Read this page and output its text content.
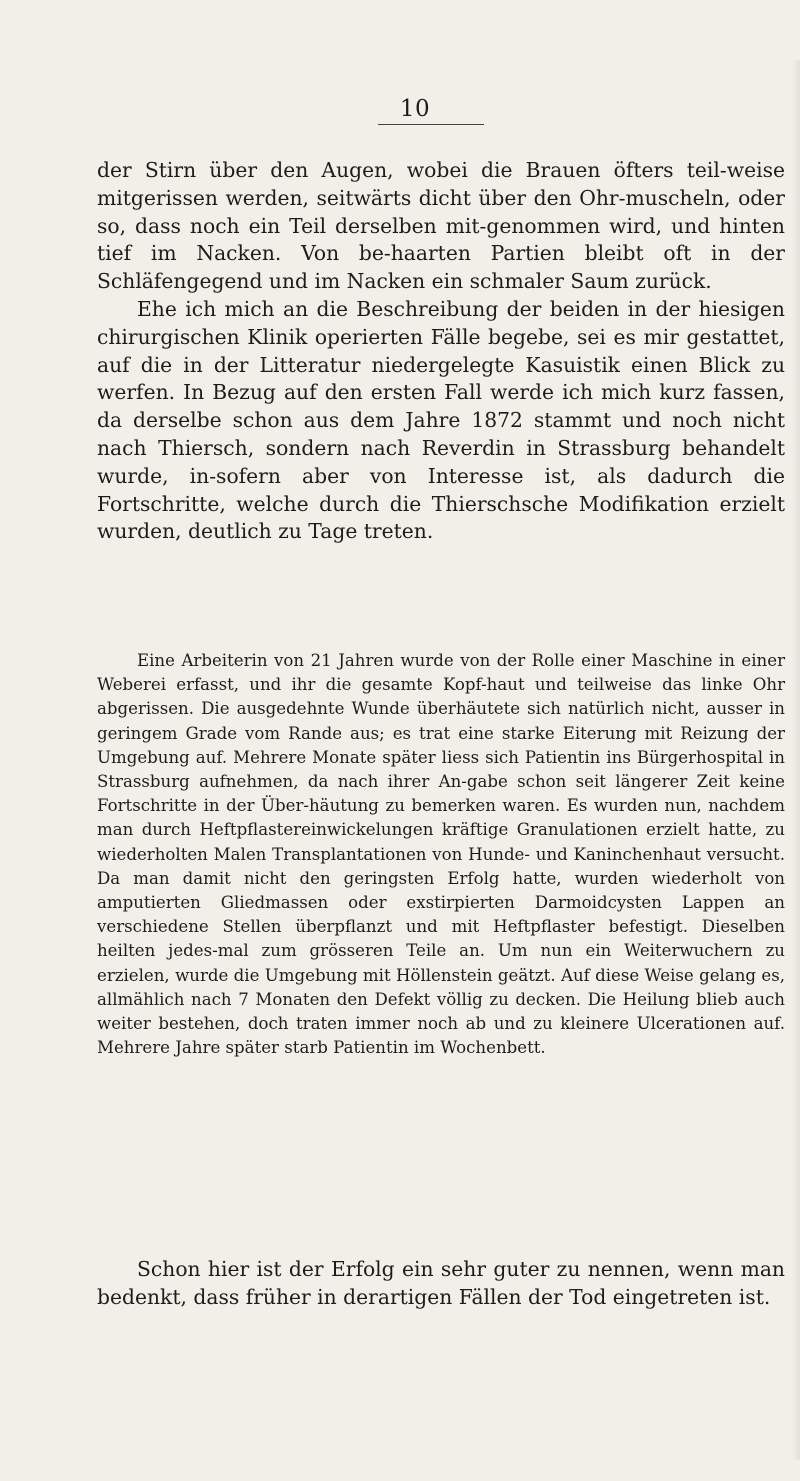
10

der Stirn über den Augen, wobei die Brauen öfters teil-weise mitgerissen werden, seitwärts dicht über den Ohr-muscheln, oder so, dass noch ein Teil derselben mit-genommen wird, und hinten tief im Nacken. Von be-haarten Partien bleibt oft in der Schläfengegend und im Nacken ein schmaler Saum zurück.

Ehe ich mich an die Beschreibung der beiden in der hiesigen chirurgischen Klinik operierten Fälle begebe, sei es mir gestattet, auf die in der Litteratur niedergelegte Kasuistik einen Blick zu werfen. In Bezug auf den ersten Fall werde ich mich kurz fassen, da derselbe schon aus dem Jahre 1872 stammt und noch nicht nach Thiersch, sondern nach Reverdin in Strassburg behandelt wurde, in-sofern aber von Interesse ist, als dadurch die Fortschritte, welche durch die Thierschsche Modifikation erzielt wurden, deutlich zu Tage treten.

Eine Arbeiterin von 21 Jahren wurde von der Rolle einer Maschine in einer Weberei erfasst, und ihr die gesamte Kopf-haut und teilweise das linke Ohr abgerissen. Die ausgedehnte Wunde überhäutete sich natürlich nicht, ausser in geringem Grade vom Rande aus; es trat eine starke Eiterung mit Reizung der Umgebung auf. Mehrere Monate später liess sich Patientin ins Bürgerhospital in Strassburg aufnehmen, da nach ihrer An-gabe schon seit längerer Zeit keine Fortschritte in der Über-häutung zu bemerken waren. Es wurden nun, nachdem man durch Heftpflastereinwickelungen kräftige Granulationen erzielt hatte, zu wiederholten Malen Transplantationen von Hunde- und Kaninchenhaut versucht. Da man damit nicht den geringsten Erfolg hatte, wurden wiederholt von amputierten Gliedmassen oder exstirpierten Darmoidcysten Lappen an verschiedene Stellen überpflanzt und mit Heftpflaster befestigt. Dieselben heilten jedes-mal zum grösseren Teile an. Um nun ein Weiterwuchern zu erzielen, wurde die Umgebung mit Höllenstein geätzt. Auf diese Weise gelang es, allmählich nach 7 Monaten den Defekt völlig zu decken. Die Heilung blieb auch weiter bestehen, doch traten immer noch ab und zu kleinere Ulcerationen auf. Mehrere Jahre später starb Patientin im Wochenbett.

Schon hier ist der Erfolg ein sehr guter zu nennen, wenn man bedenkt, dass früher in derartigen Fällen der Tod eingetreten ist.
